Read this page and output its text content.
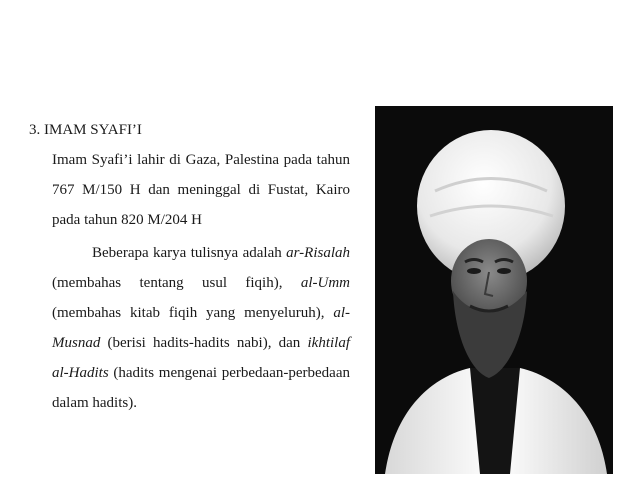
3. IMAM SYAFI’I
Imam Syafi’i lahir di Gaza, Palestina pada tahun 767 M/150 H dan meninggal di Fustat, Kairo pada tahun 820 M/204 H
Beberapa karya tulisnya adalah ar-Risalah (membahas tentang usul fiqih), al-Umm (membahas kitab fiqih yang menyeluruh), al-Musnad (berisi hadits-hadits nabi), dan ikhtilaf al-Hadits (hadits mengenai perbedaan-perbedaan dalam hadits).
